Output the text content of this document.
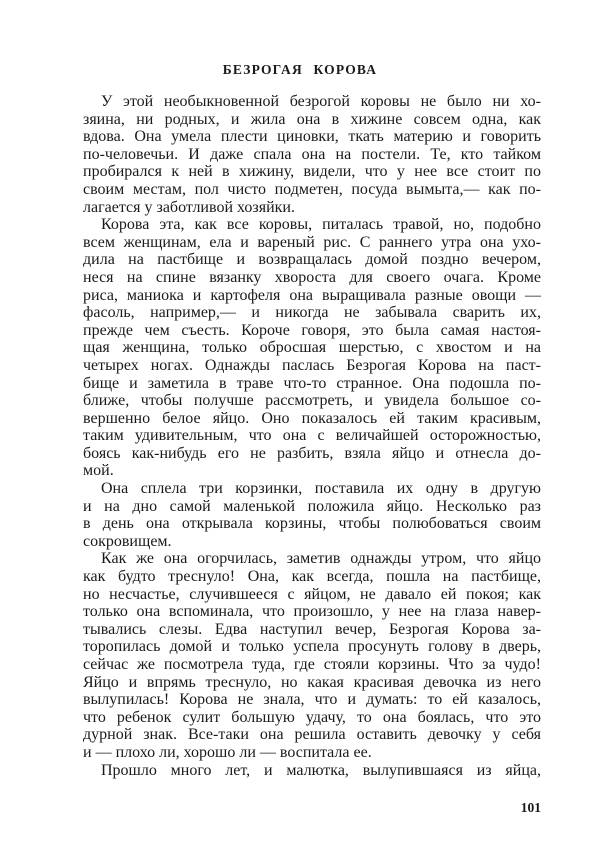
БЕЗРОГАЯ КОРОВА
У этой необыкновенной безрогой коровы не было ни хо-
зяина, ни родных, и жила она в хижине совсем одна, как
вдова. Она умела плести циновки, ткать материю и говорить
по-человечьи. И даже спала она на постели. Те, кто тайком
пробирался к ней в хижину, видели, что у нее все стоит по
своим местам, пол чисто подметен, посуда вымыта,— как по-
лагается у заботливой хозяйки.
Корова эта, как все коровы, питалась травой, но, подобно
всем женщинам, ела и вареный рис. С раннего утра она ухо-
дила на пастбище и возвращалась домой поздно вечером,
неся на спине вязанку хвороста для своего очага. Кроме
риса, маниока и картофеля она выращивала разные овощи —
фасоль, например,— и никогда не забывала сварить их,
прежде чем съесть. Короче говоря, это была самая настоя-
щая женщина, только обросшая шерстью, с хвостом и на
четырех ногах. Однажды паслась Безрогая Корова на паст-
бище и заметила в траве что-то странное. Она подошла по-
ближе, чтобы получше рассмотреть, и увидела большое со-
вершенно белое яйцо. Оно показалось ей таким красивым,
таким удивительным, что она с величайшей осторожностью,
боясь как-нибудь его не разбить, взяла яйцо и отнесла до-
мой.
Она сплела три корзинки, поставила их одну в другую
и на дно самой маленькой положила яйцо. Несколько раз
в день она открывала корзины, чтобы полюбоваться своим
сокровищем.
Как же она огорчилась, заметив однажды утром, что яйцо
как будто треснуло! Она, как всегда, пошла на пастбище,
но несчастье, случившееся с яйцом, не давало ей покоя; как
только она вспоминала, что произошло, у нее на глаза навер-
тывались слезы. Едва наступил вечер, Безрогая Корова за-
торопилась домой и только успела просунуть голову в дверь,
сейчас же посмотрела туда, где стояли корзины. Что за чудо!
Яйцо и впрямь треснуло, но какая красивая девочка из него
вылупилась! Корова не знала, что и думать: то ей казалось,
что ребенок сулит большую удачу, то она боялась, что это
дурной знак. Все-таки она решила оставить девочку у себя
и — плохо ли, хорошо ли — воспитала ее.
Прошло много лет, и малютка, вылупившаяся из яйца,
101
